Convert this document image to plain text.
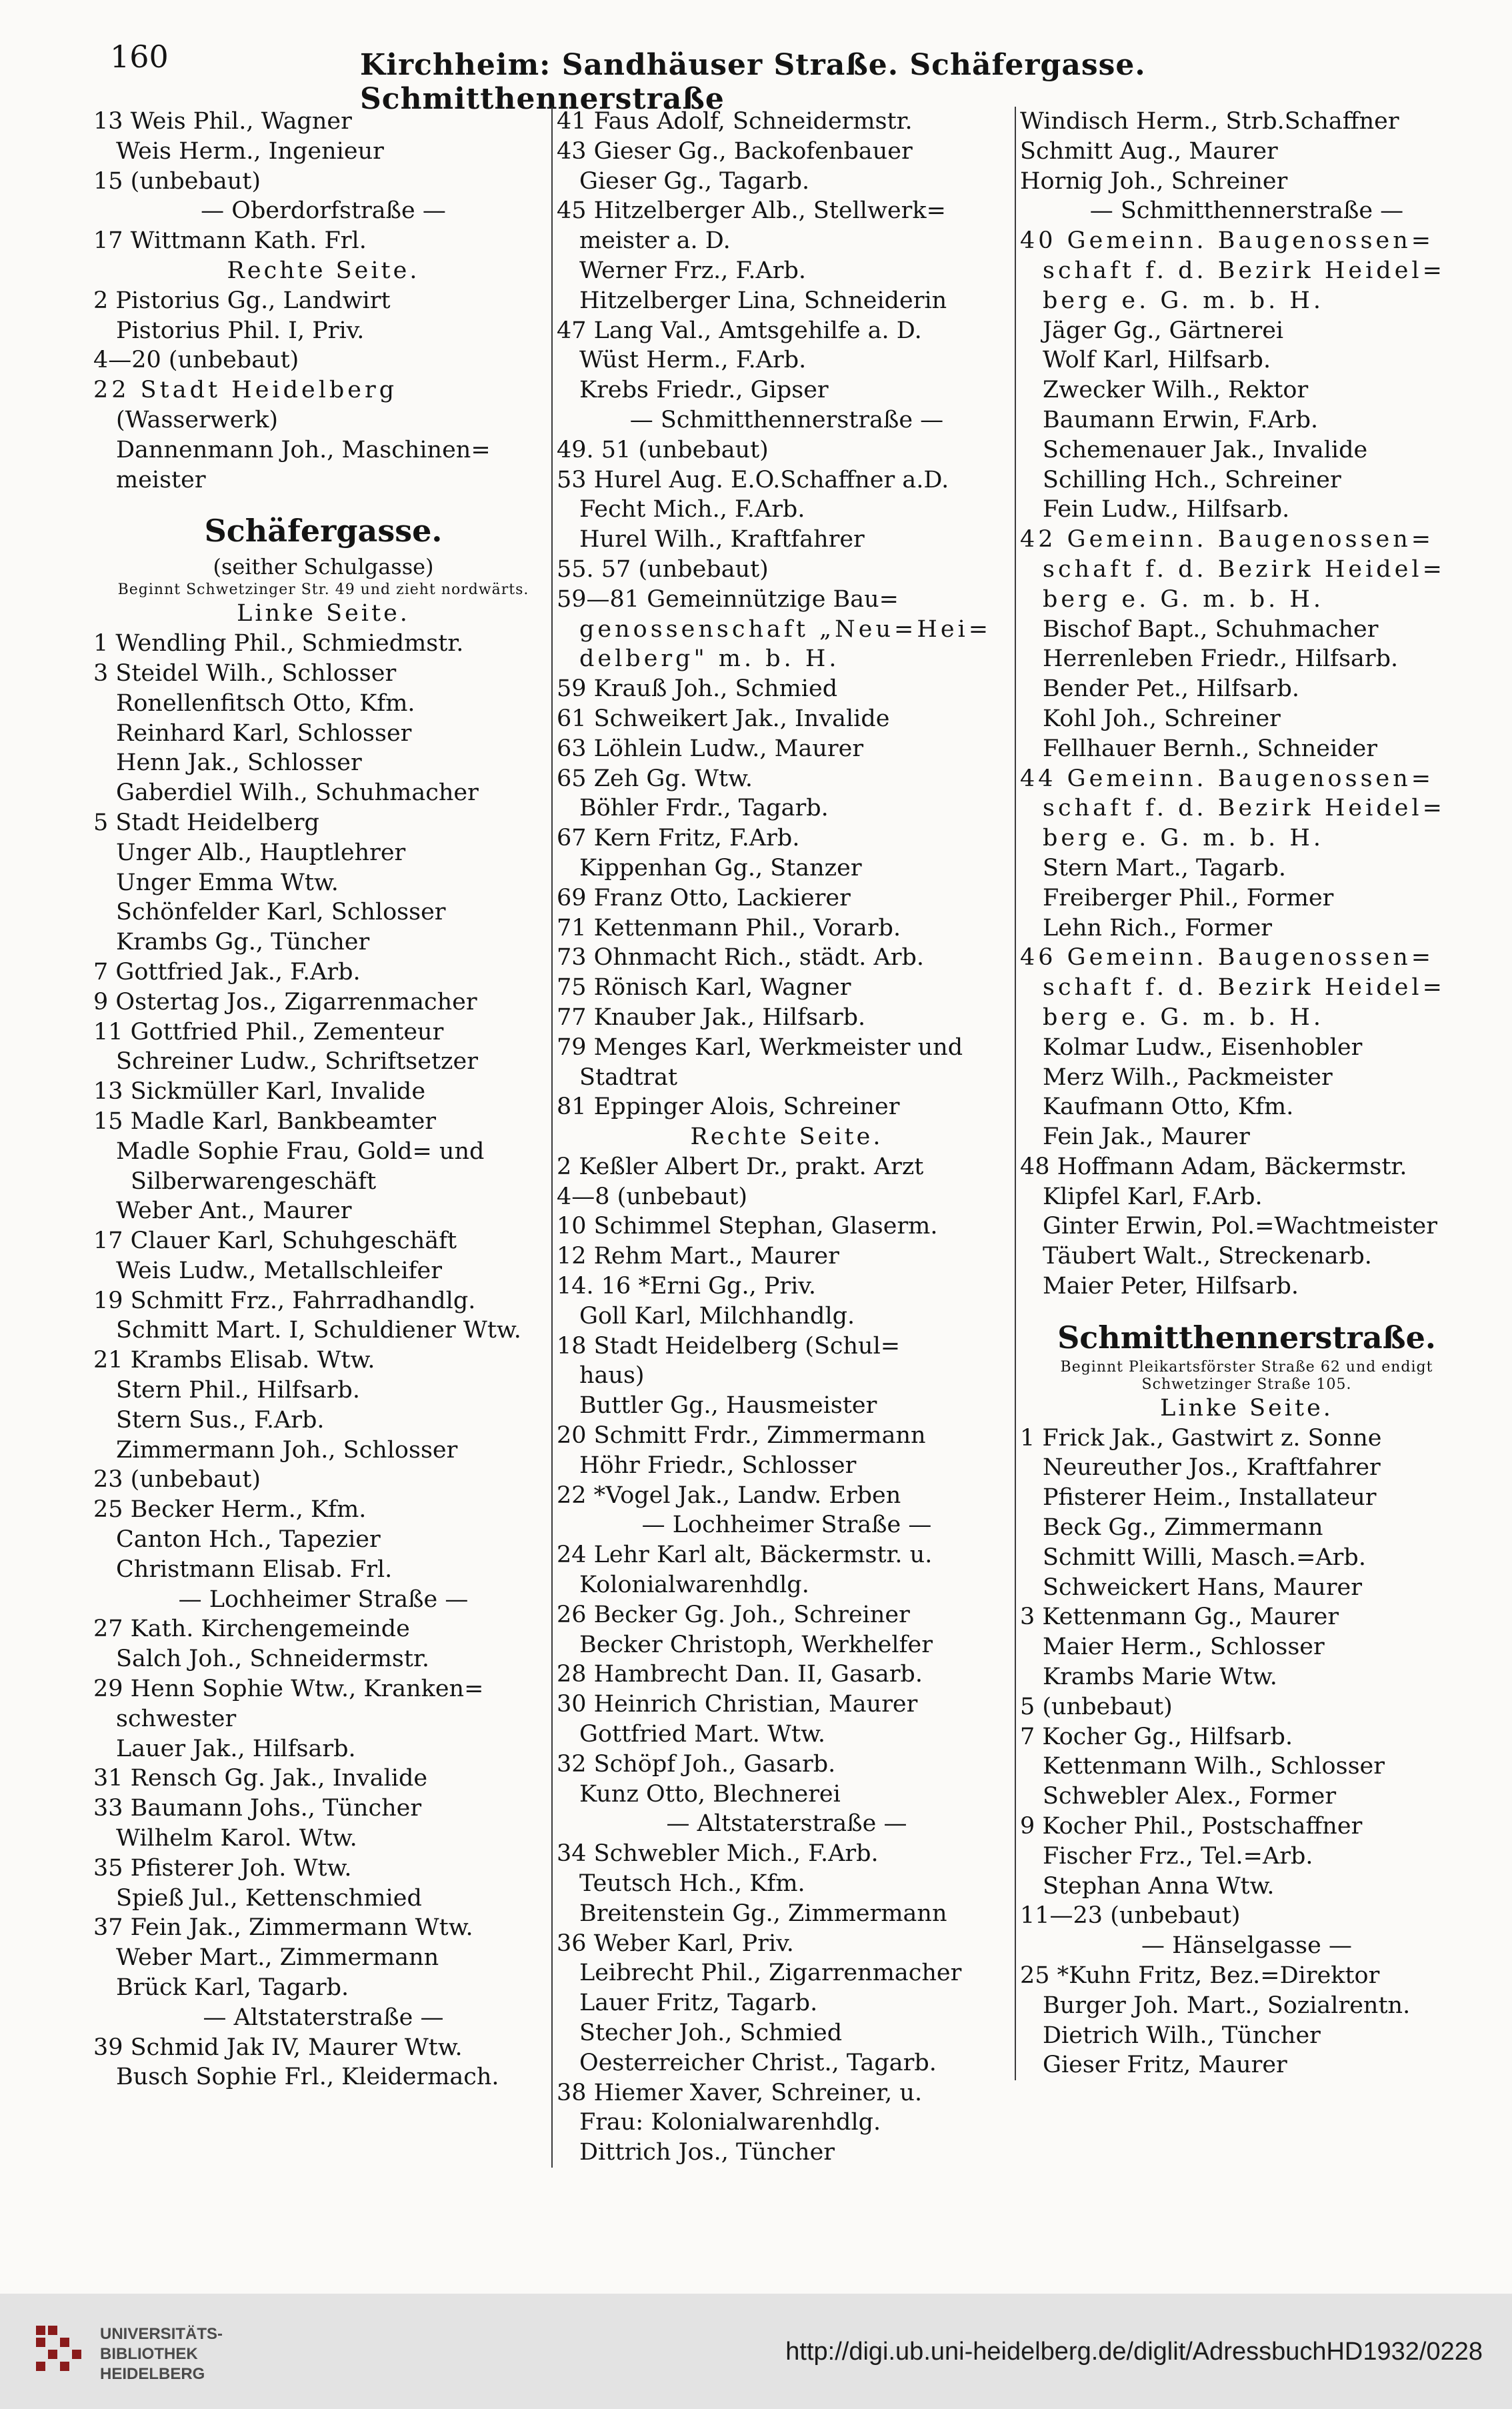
160	Kirchheim: Sandhäuser Straße. Schäfergasse. Schmitthennerstraße
13 Weis Phil., Wagner
Weis Herm., Ingenieur
15 (unbebaut)
— Oberdorfstraße —
17 Wittmann Kath. Frl.
Rechte Seite.
2 Pistorius Gg., Landwirt
Pistorius Phil. I, Priv.
4—20 (unbebaut)
22 Stadt Heidelberg
(Wasserwerk)
Dannenmann Joh., Maschinen=
meister
Schäfergasse.
(seither Schulgasse)
Beginnt Schwetzinger Str. 49 und zieht nordwärts.
Linke Seite.
1 Wendling Phil., Schmiedmstr.
3 Steidel Wilh., Schlosser
Ronellenfitsch Otto, Kfm.
Reinhard Karl, Schlosser
Henn Jak., Schlosser
Gaberdiel Wilh., Schuhmacher
5 Stadt Heidelberg
Unger Alb., Hauptlehrer
Unger Emma Wtw.
Schönfelder Karl, Schlosser
Krambs Gg., Tüncher
7 Gottfried Jak., F.Arb.
9 Ostertag Jos., Zigarrenmacher
11 Gottfried Phil., Zementeur
Schreiner Ludw., Schriftsetzer
13 Sickmüller Karl, Invalide
15 Madle Karl, Bankbeamter
Madle Sophie Frau, Gold= und
Silberwarengeschäft
Weber Ant., Maurer
17 Clauer Karl, Schuhgeschäft
Weis Ludw., Metallschleifer
19 Schmitt Frz., Fahrradhandlg.
Schmitt Mart. I, Schuldiener Wtw.
21 Krambs Elisab. Wtw.
Stern Phil., Hilfsarb.
Stern Sus., F.Arb.
Zimmermann Joh., Schlosser
23 (unbebaut)
25 Becker Herm., Kfm.
Canton Hch., Tapezier
Christmann Elisab. Frl.
— Lochheimer Straße —
27 Kath. Kirchengemeinde
Salch Joh., Schneidermstr.
29 Henn Sophie Wtw., Kranken=
schwester
Lauer Jak., Hilfsarb.
31 Rensch Gg. Jak., Invalide
33 Baumann Johs., Tüncher
Wilhelm Karol. Wtw.
35 Pfisterer Joh. Wtw.
Spieß Jul., Kettenschmied
37 Fein Jak., Zimmermann Wtw.
Weber Mart., Zimmermann
Brück Karl, Tagarb.
— Altstaterstraße —
39 Schmid Jak IV, Maurer Wtw.
Busch Sophie Frl., Kleidermach.
41 Faus Adolf, Schneidermstr.
43 Gieser Gg., Backofenbauer
Gieser Gg., Tagarb.
45 Hitzelberger Alb., Stellwerk=
meister a. D.
Werner Frz., F.Arb.
Hitzelberger Lina, Schneiderin
47 Lang Val., Amtsgehilfe a. D.
Wüst Herm., F.Arb.
Krebs Friedr., Gipser
— Schmitthennerstraße —
49. 51 (unbebaut)
53 Hurel Aug. E.O.Schaffner a.D.
Fecht Mich., F.Arb.
Hurel Wilh., Kraftfahrer
55. 57 (unbebaut)
59—81 Gemeinnützige Bau=
genossenschaft „Neu=Hei=
delberg" m. b. H.
59 Krauß Joh., Schmied
61 Schweikert Jak., Invalide
63 Löhlein Ludw., Maurer
65 Zeh Gg. Wtw.
Böhler Frdr., Tagarb.
67 Kern Fritz, F.Arb.
Kippenhan Gg., Stanzer
69 Franz Otto, Lackierer
71 Kettenmann Phil., Vorarb.
73 Ohnmacht Rich., städt. Arb.
75 Rönisch Karl, Wagner
77 Knauber Jak., Hilfsarb.
79 Menges Karl, Werkmeister und
Stadtrat
81 Eppinger Alois, Schreiner
Rechte Seite.
2 Keßler Albert Dr., prakt. Arzt
4—8 (unbebaut)
10 Schimmel Stephan, Glaserm.
12 Rehm Mart., Maurer
14. 16 *Erni Gg., Priv.
Goll Karl, Milchhandlg.
18 Stadt Heidelberg (Schul=
haus)
Buttler Gg., Hausmeister
20 Schmitt Frdr., Zimmermann
Höhr Friedr., Schlosser
22 *Vogel Jak., Landw. Erben
— Lochheimer Straße —
24 Lehr Karl alt, Bäckermstr. u.
Kolonialwarenhdlg.
26 Becker Gg. Joh., Schreiner
Becker Christoph, Werkhelfer
28 Hambrecht Dan. II, Gasarb.
30 Heinrich Christian, Maurer
Gottfried Mart. Wtw.
32 Schöpf Joh., Gasarb.
Kunz Otto, Blechnerei
— Altstaterstraße —
34 Schwebler Mich., F.Arb.
Teutsch Hch., Kfm.
Breitenstein Gg., Zimmermann
36 Weber Karl, Priv.
Leibrecht Phil., Zigarrenmacher
Lauer Fritz, Tagarb.
Stecher Joh., Schmied
Oesterreicher Christ., Tagarb.
38 Hiemer Xaver, Schreiner, u.
Frau: Kolonialwarenhdlg.
Dittrich Jos., Tüncher
Windisch Herm., Strb.Schaffner
Schmitt Aug., Maurer
Hornig Joh., Schreiner
— Schmitthennerstraße —
40 Gemeinn. Baugenossen=
schaft f. d. Bezirk Heidel=
berg e. G. m. b. H.
Jäger Gg., Gärtnerei
Wolf Karl, Hilfsarb.
Zwecker Wilh., Rektor
Baumann Erwin, F.Arb.
Schemenauer Jak., Invalide
Schilling Hch., Schreiner
Fein Ludw., Hilfsarb.
42 Gemeinn. Baugenossen=
schaft f. d. Bezirk Heidel=
berg e. G. m. b. H.
Bischof Bapt., Schuhmacher
Herrenleben Friedr., Hilfsarb.
Bender Pet., Hilfsarb.
Kohl Joh., Schreiner
Fellhauer Bernh., Schneider
44 Gemeinn. Baugenossen=
schaft f. d. Bezirk Heidel=
berg e. G. m. b. H.
Stern Mart., Tagarb.
Freiberger Phil., Former
Lehn Rich., Former
46 Gemeinn. Baugenossen=
schaft f. d. Bezirk Heidel=
berg e. G. m. b. H.
Kolmar Ludw., Eisenhobler
Merz Wilh., Packmeister
Kaufmann Otto, Kfm.
Fein Jak., Maurer
48 Hoffmann Adam, Bäckermstr.
Klipfel Karl, F.Arb.
Ginter Erwin, Pol.=Wachtmeister
Täubert Walt., Streckenarb.
Maier Peter, Hilfsarb.
Schmitthennerstraße.
Beginnt Pleikartsförster Straße 62 und endigt Schwetzinger Straße 105.
Linke Seite.
1 Frick Jak., Gastwirt z. Sonne
Neureuther Jos., Kraftfahrer
Pfisterer Heim., Installateur
Beck Gg., Zimmermann
Schmitt Willi, Masch.=Arb.
Schweickert Hans, Maurer
3 Kettenmann Gg., Maurer
Maier Herm., Schlosser
Krambs Marie Wtw.
5 (unbebaut)
7 Kocher Gg., Hilfsarb.
Kettenmann Wilh., Schlosser
Schwebler Alex., Former
9 Kocher Phil., Postschaffner
Fischer Frz., Tel.=Arb.
Stephan Anna Wtw.
11—23 (unbebaut)
— Hänselgasse —
25 *Kuhn Fritz, Bez.=Direktor
Burger Joh. Mart., Sozialrentn.
Dietrich Wilh., Tüncher
Gieser Fritz, Maurer
UNIVERSITÄTS-
BIBLIOTHEK
HEIDELBERG
http://digi.ub.uni-heidelberg.de/diglit/AdressbuchHD1932/0228
